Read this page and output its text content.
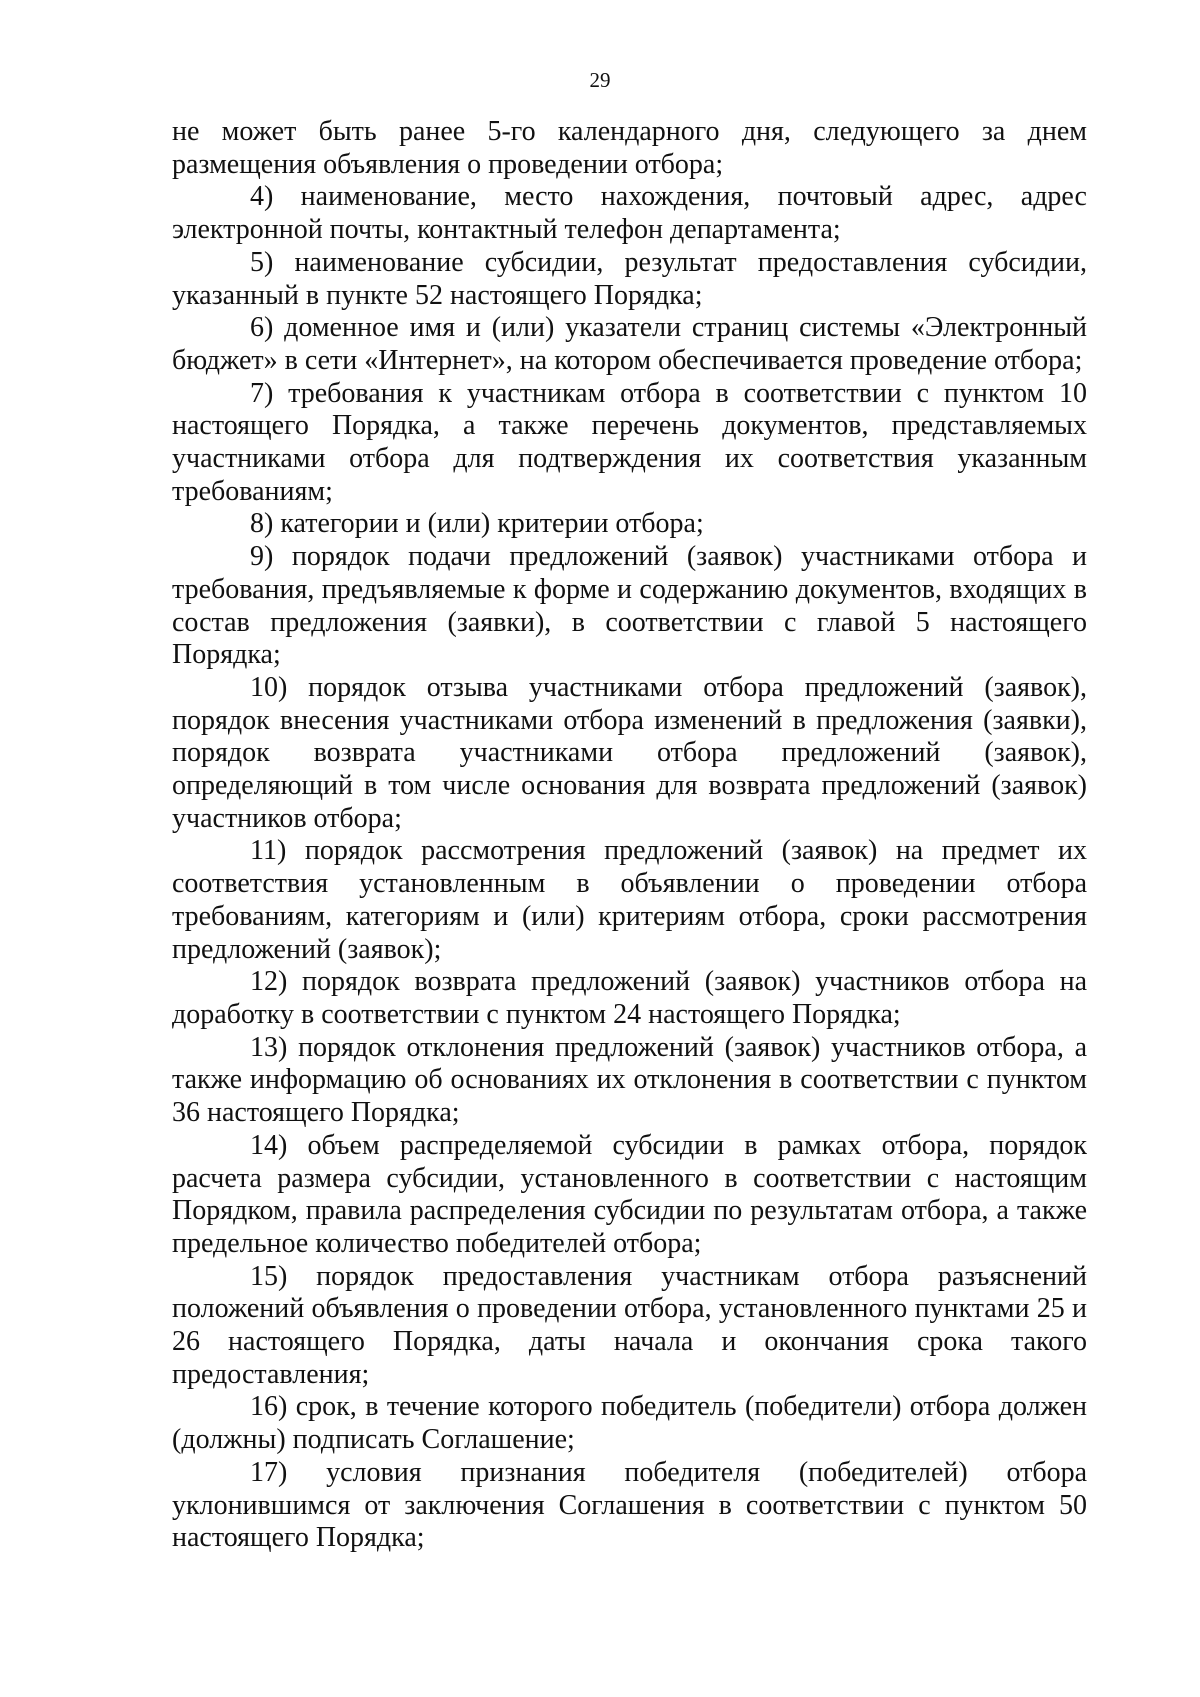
29

не может быть ранее 5-го календарного дня, следующего за днем размещения объявления о проведении отбора;

4) наименование, место нахождения, почтовый адрес, адрес электронной почты, контактный телефон департамента;

5) наименование субсидии, результат предоставления субсидии, указанный в пункте 52 настоящего Порядка;

6) доменное имя и (или) указатели страниц системы «Электронный бюджет» в сети «Интернет», на котором обеспечивается проведение отбора;

7) требования к участникам отбора в соответствии с пунктом 10 настоящего Порядка, а также перечень документов, представляемых участниками отбора для подтверждения их соответствия указанным требованиям;

8) категории и (или) критерии отбора;

9) порядок подачи предложений (заявок) участниками отбора и требования, предъявляемые к форме и содержанию документов, входящих в состав предложения (заявки), в соответствии с главой 5 настоящего Порядка;

10) порядок отзыва участниками отбора предложений (заявок), порядок внесения участниками отбора изменений в предложения (заявки), порядок возврата участниками отбора предложений (заявок), определяющий в том числе основания для возврата предложений (заявок) участников отбора;

11) порядок рассмотрения предложений (заявок) на предмет их соответствия установленным в объявлении о проведении отбора требованиям, категориям и (или) критериям отбора, сроки рассмотрения предложений (заявок);

12) порядок возврата предложений (заявок) участников отбора на доработку в соответствии с пунктом 24 настоящего Порядка;

13) порядок отклонения предложений (заявок) участников отбора, а также информацию об основаниях их отклонения в соответствии с пунктом 36 настоящего Порядка;

14) объем распределяемой субсидии в рамках отбора, порядок расчета размера субсидии, установленного в соответствии с настоящим Порядком, правила распределения субсидии по результатам отбора, а также предельное количество победителей отбора;

15) порядок предоставления участникам отбора разъяснений положений объявления о проведении отбора, установленного пунктами 25 и 26 настоящего Порядка, даты начала и окончания срока такого предоставления;

16) срок, в течение которого победитель (победители) отбора должен (должны) подписать Соглашение;

17) условия признания победителя (победителей) отбора уклонившимся от заключения Соглашения в соответствии с пунктом 50 настоящего Порядка;
